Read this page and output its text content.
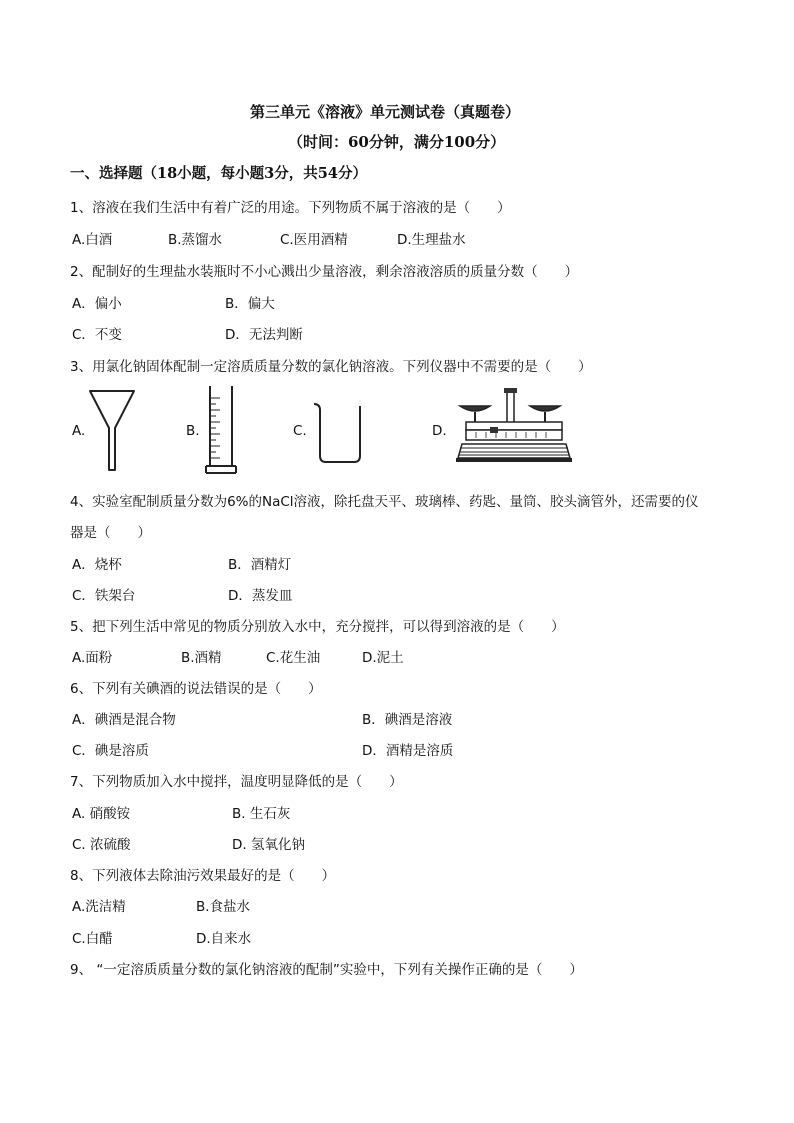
第三单元《溶液》单元测试卷（真题卷）
（时间：60分钟，满分100分）
一、选择题（18小题，每小题3分，共54分）
1、溶液在我们生活中有着广泛的用途。下列物质不属于溶液的是（　　）
A.白酒	B.蒸馏水	C.医用酒精	D.生理盐水
2、配制好的生理盐水装瓶时不小心溅出少量溶液，剩余溶液溶质的质量分数（　　）
A．偏小	B．偏大
C．不变	D．无法判断
3、用氯化钠固体配制一定溶质质量分数的氯化钠溶液。下列仪器中不需要的是（　　）
A.	B.	C.	D.
4、实验室配制质量分数为6%的NaCl溶液，除托盘天平、玻璃棒、药匙、量筒、胶头滴管外，还需要的仪
器是（　　）
A．烧杯	B．酒精灯
C．铁架台	D．蒸发皿
5、把下列生活中常见的物质分别放入水中，充分搅拌，可以得到溶液的是（　　）
A.面粉	B.酒精	C.花生油	D.泥土
6、下列有关碘酒的说法错误的是（　　）
A．碘酒是混合物	B．碘酒是溶液
C．碘是溶质	D．酒精是溶质
7、下列物质加入水中搅拌，温度明显降低的是（　　）
A. 硝酸铵	B. 生石灰
C. 浓硫酸	D. 氢氧化钠
8、下列液体去除油污效果最好的是（　　）
A.洗洁精	B.食盐水
C.白醋	D.自来水
9、 “一定溶质质量分数的氯化钠溶液的配制”实验中，下列有关操作正确的是（　　）
